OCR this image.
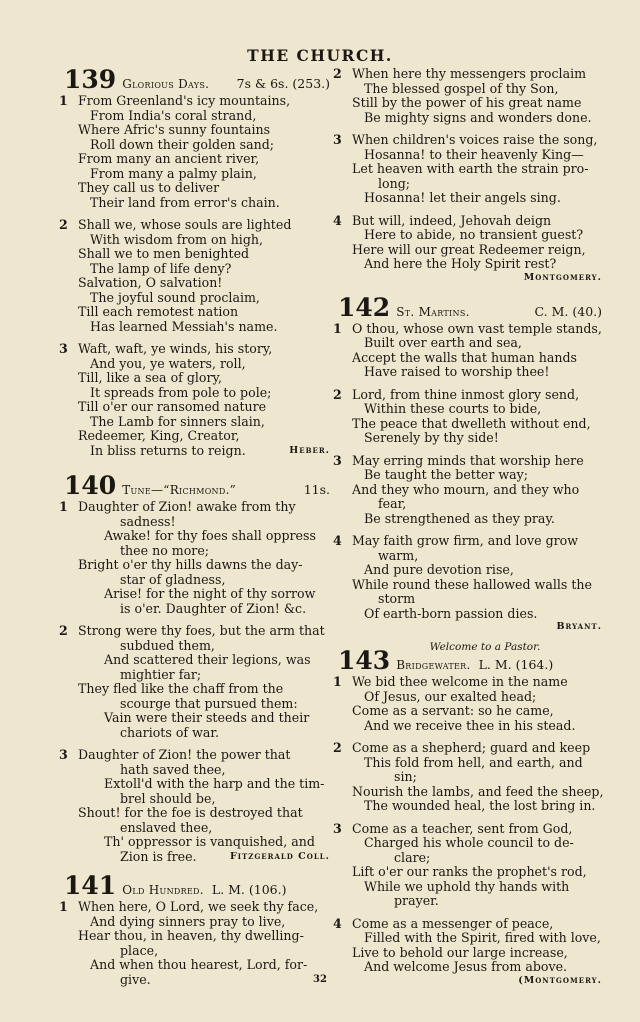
THE CHURCH.
139 Glorious Days. 7s & 6s. (253.)
1 From Greenland's icy mountains,
From India's coral strand,
Where Afric's sunny fountains
Roll down their golden sand;
From many an ancient river,
From many a palmy plain,
They call us to deliver
Their land from error's chain.
2 Shall we, whose souls are lighted
With wisdom from on high,
Shall we to men benighted
The lamp of life deny?
Salvation, O salvation!
The joyful sound proclaim,
Till each remotest nation
Has learned Messiah's name.
3 Waft, waft, ye winds, his story,
And you, ye waters, roll,
Till, like a sea of glory,
It spreads from pole to pole;
Till o'er our ransomed nature
The Lamb for sinners slain,
Redeemer, King, Creator,
In bliss returns to reign.	Heber.
140 Tune—“Richmond.”	11s.
1 Daughter of Zion! awake from thy
sadness!
Awake! for thy foes shall oppress
thee no more;
Bright o'er thy hills dawns the day-
star of gladness,
Arise! for the night of thy sorrow
is o'er. Daughter of Zion! &c.
2 Strong were thy foes, but the arm that
subdued them,
And scattered their legions, was
mightier far;
They fled like the chaff from the
scourge that pursued them:
Vain were their steeds and their
chariots of war.
3 Daughter of Zion! the power that
hath saved thee,
Extoll'd with the harp and the tim-
brel should be,
Shout! for the foe is destroyed that
enslaved thee,
Th' oppressor is vanquished, and
Zion is free.	Fitzgerald Coll.
141 Old Hundred. L. M. (106.)
1 When here, O Lord, we seek thy face,
And dying sinners pray to live,
Hear thou, in heaven, thy dwelling-
place,
And when thou hearest, Lord, for-
give.
2 When here thy messengers proclaim
The blessed gospel of thy Son,
Still by the power of his great name
Be mighty signs and wonders done.
3 When children's voices raise the song,
Hosanna! to their heavenly King—
Let heaven with earth the strain pro-
long;
Hosanna! let their angels sing.
4 But will, indeed, Jehovah deign
Here to abide, no transient guest?
Here will our great Redeemer reign,
And here the Holy Spirit rest?
Montgomery.
142 St. Martins.	C. M. (40.)
1 O thou, whose own vast temple stands,
Built over earth and sea,
Accept the walls that human hands
Have raised to worship thee!
2 Lord, from thine inmost glory send,
Within these courts to bide,
The peace that dwelleth without end,
Serenely by thy side!
3 May erring minds that worship here
Be taught the better way;
And they who mourn, and they who
fear,
Be strengthened as they pray.
4 May faith grow firm, and love grow
warm,
And pure devotion rise,
While round these hallowed walls the
storm
Of earth-born passion dies.
Bryant.
Welcome to a Pastor.
143 Bridgewater. L. M. (164.)
1 We bid thee welcome in the name
Of Jesus, our exalted head;
Come as a servant: so he came,
And we receive thee in his stead.
2 Come as a shepherd; guard and keep
This fold from hell, and earth, and
sin;
Nourish the lambs, and feed the sheep,
The wounded heal, the lost bring in.
3 Come as a teacher, sent from God,
Charged his whole council to de-
clare;
Lift o'er our ranks the prophet's rod,
While we uphold thy hands with
prayer.
4 Come as a messenger of peace,
Filled with the Spirit, fired with love,
Live to behold our large increase,
And welcome Jesus from above.
(Montgomery.
32
